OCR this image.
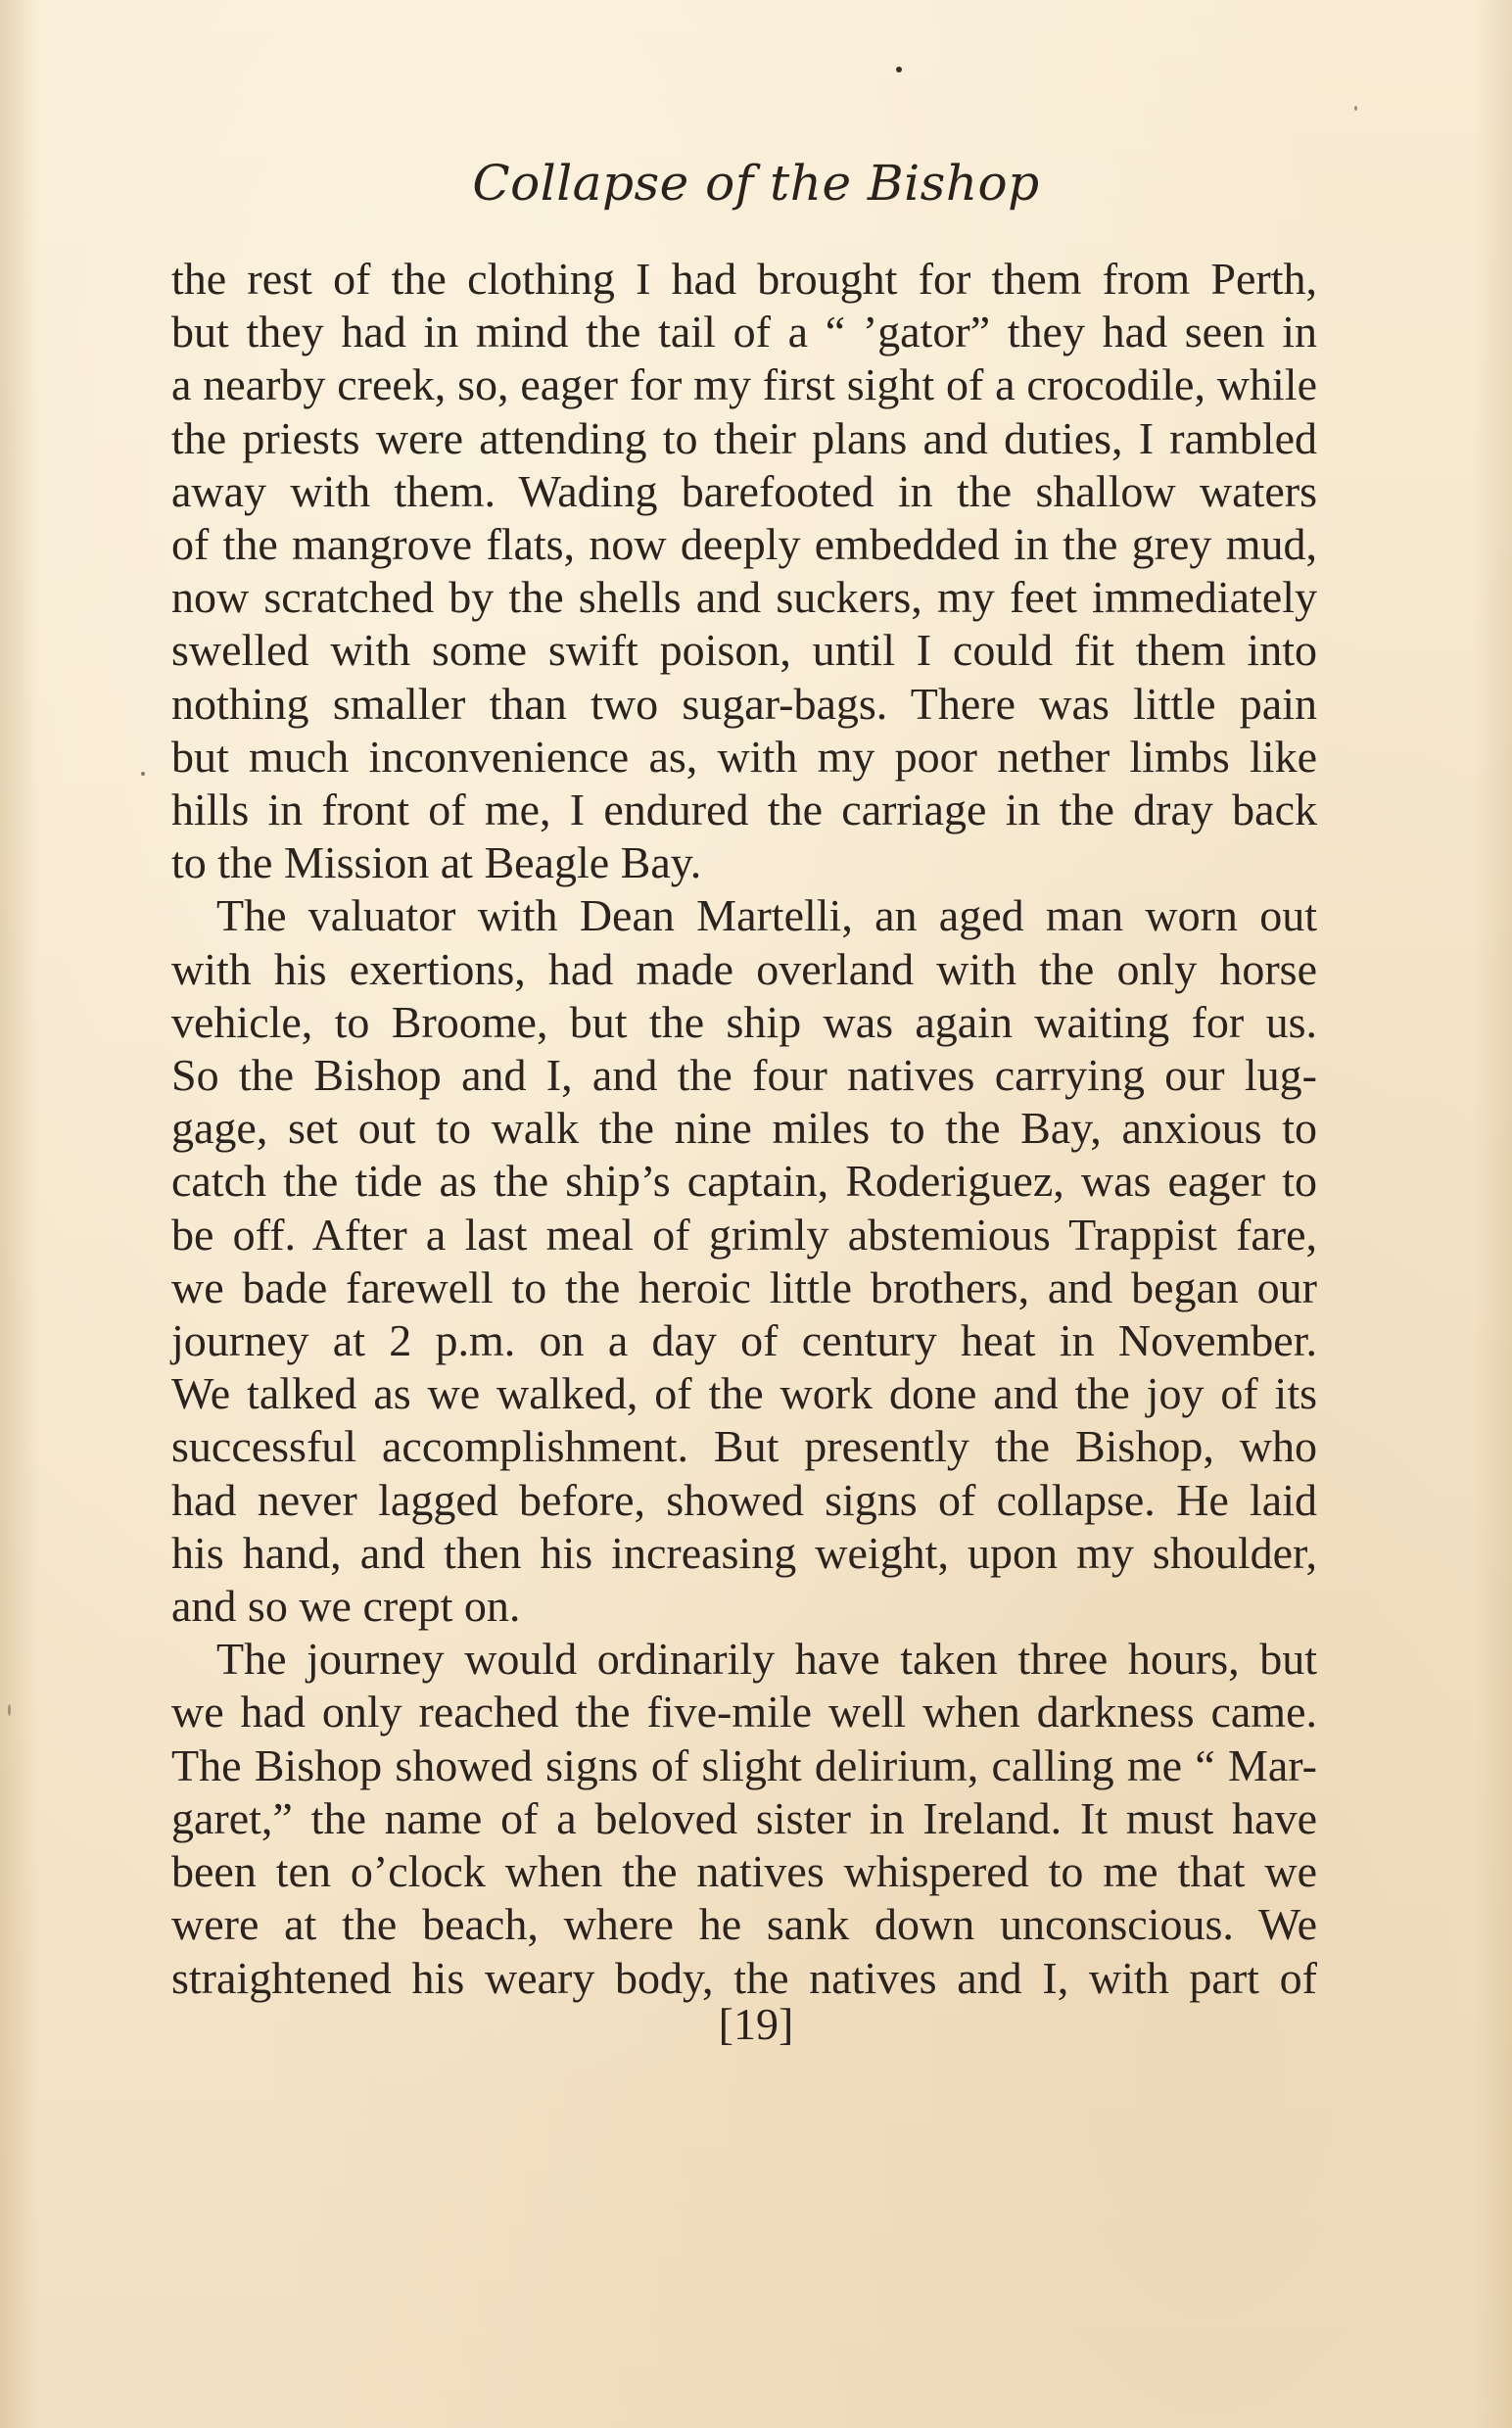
Collapse of the Bishop
the rest of the clothing I had brought for them from Perth,
but they had in mind the tail of a “ ’gator” they had seen in
a nearby creek, so, eager for my first sight of a crocodile, while
the priests were attending to their plans and duties, I rambled
away with them. Wading barefooted in the shallow waters
of the mangrove flats, now deeply embedded in the grey mud,
now scratched by the shells and suckers, my feet immediately
swelled with some swift poison, until I could fit them into
nothing smaller than two sugar-bags. There was little pain
but much inconvenience as, with my poor nether limbs like
hills in front of me, I endured the carriage in the dray back
to the Mission at Beagle Bay.
The valuator with Dean Martelli, an aged man worn out
with his exertions, had made overland with the only horse
vehicle, to Broome, but the ship was again waiting for us.
So the Bishop and I, and the four natives carrying our lug-
gage, set out to walk the nine miles to the Bay, anxious to
catch the tide as the ship’s captain, Roderiguez, was eager to
be off. After a last meal of grimly abstemious Trappist fare,
we bade farewell to the heroic little brothers, and began our
journey at 2 p.m. on a day of century heat in November.
We talked as we walked, of the work done and the joy of its
successful accomplishment. But presently the Bishop, who
had never lagged before, showed signs of collapse. He laid
his hand, and then his increasing weight, upon my shoulder,
and so we crept on.
The journey would ordinarily have taken three hours, but
we had only reached the five-mile well when darkness came.
The Bishop showed signs of slight delirium, calling me “ Mar-
garet,” the name of a beloved sister in Ireland. It must have
been ten o’clock when the natives whispered to me that we
were at the beach, where he sank down unconscious. We
straightened his weary body, the natives and I, with part of
[19]
